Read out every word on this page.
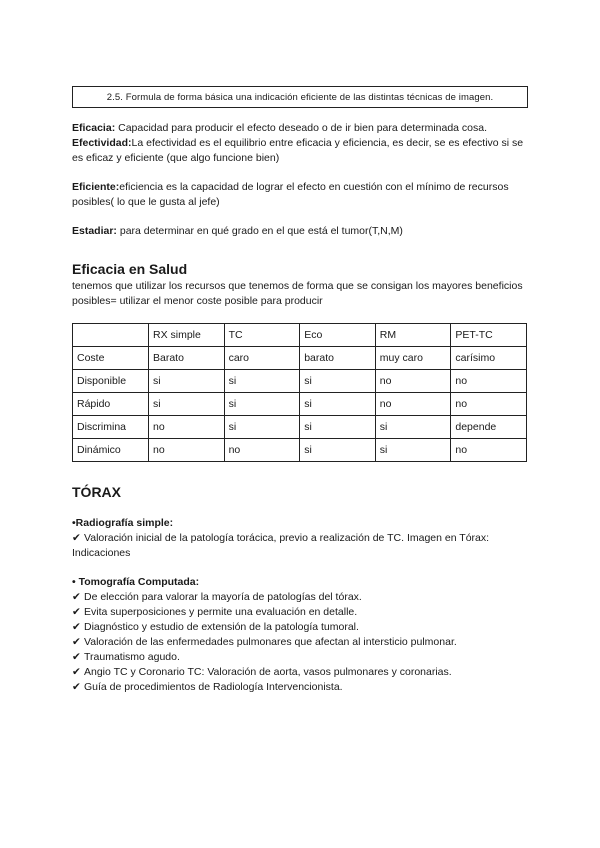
2.5. Formula de forma básica una indicación eficiente de las distintas técnicas de imagen.

Eficacia: Capacidad para producir el efecto deseado o de ir bien para determinada cosa.

Efectividad:La efectividad es el equilibrio entre eficacia y eficiencia, es decir, se es efectivo si se es eficaz y eficiente (que algo funcione bien)

Eficiente:eficiencia es la capacidad de lograr el efecto en cuestión con el mínimo de recursos posibles( lo que le gusta al jefe)

Estadiar: para determinar en qué grado en el que está el tumor(T,N,M)

Eficacia en Salud

tenemos que utilizar los recursos que tenemos de forma que se consigan los mayores beneficios posibles= utilizar el menor coste posible para producir

	RX simple	TC	Eco	RM	PET-TC
Coste	Barato	caro	barato	muy caro	carísimo
Disponible	si	si	si	no	no
Rápido	si	si	si	no	no
Discrimina	no	si	si	si	depende
Dinámico	no	no	si	si	no
TÓRAX
•Radiografía simple:
✔ Valoración inicial de la patología torácica, previo a realización de TC. Imagen en Tórax: Indicaciones
• Tomografía Computada:
✔ De elección para valorar la mayoría de patologías del tórax.
✔ Evita superposiciones y permite una evaluación en detalle.
✔ Diagnóstico y estudio de extensión de la patología tumoral.
✔ Valoración de las enfermedades pulmonares que afectan al intersticio pulmonar.
✔ Traumatismo agudo.
✔ Angio TC y Coronario TC: Valoración de aorta, vasos pulmonares y coronarias.
✔ Guía de procedimientos de Radiología Intervencionista.
